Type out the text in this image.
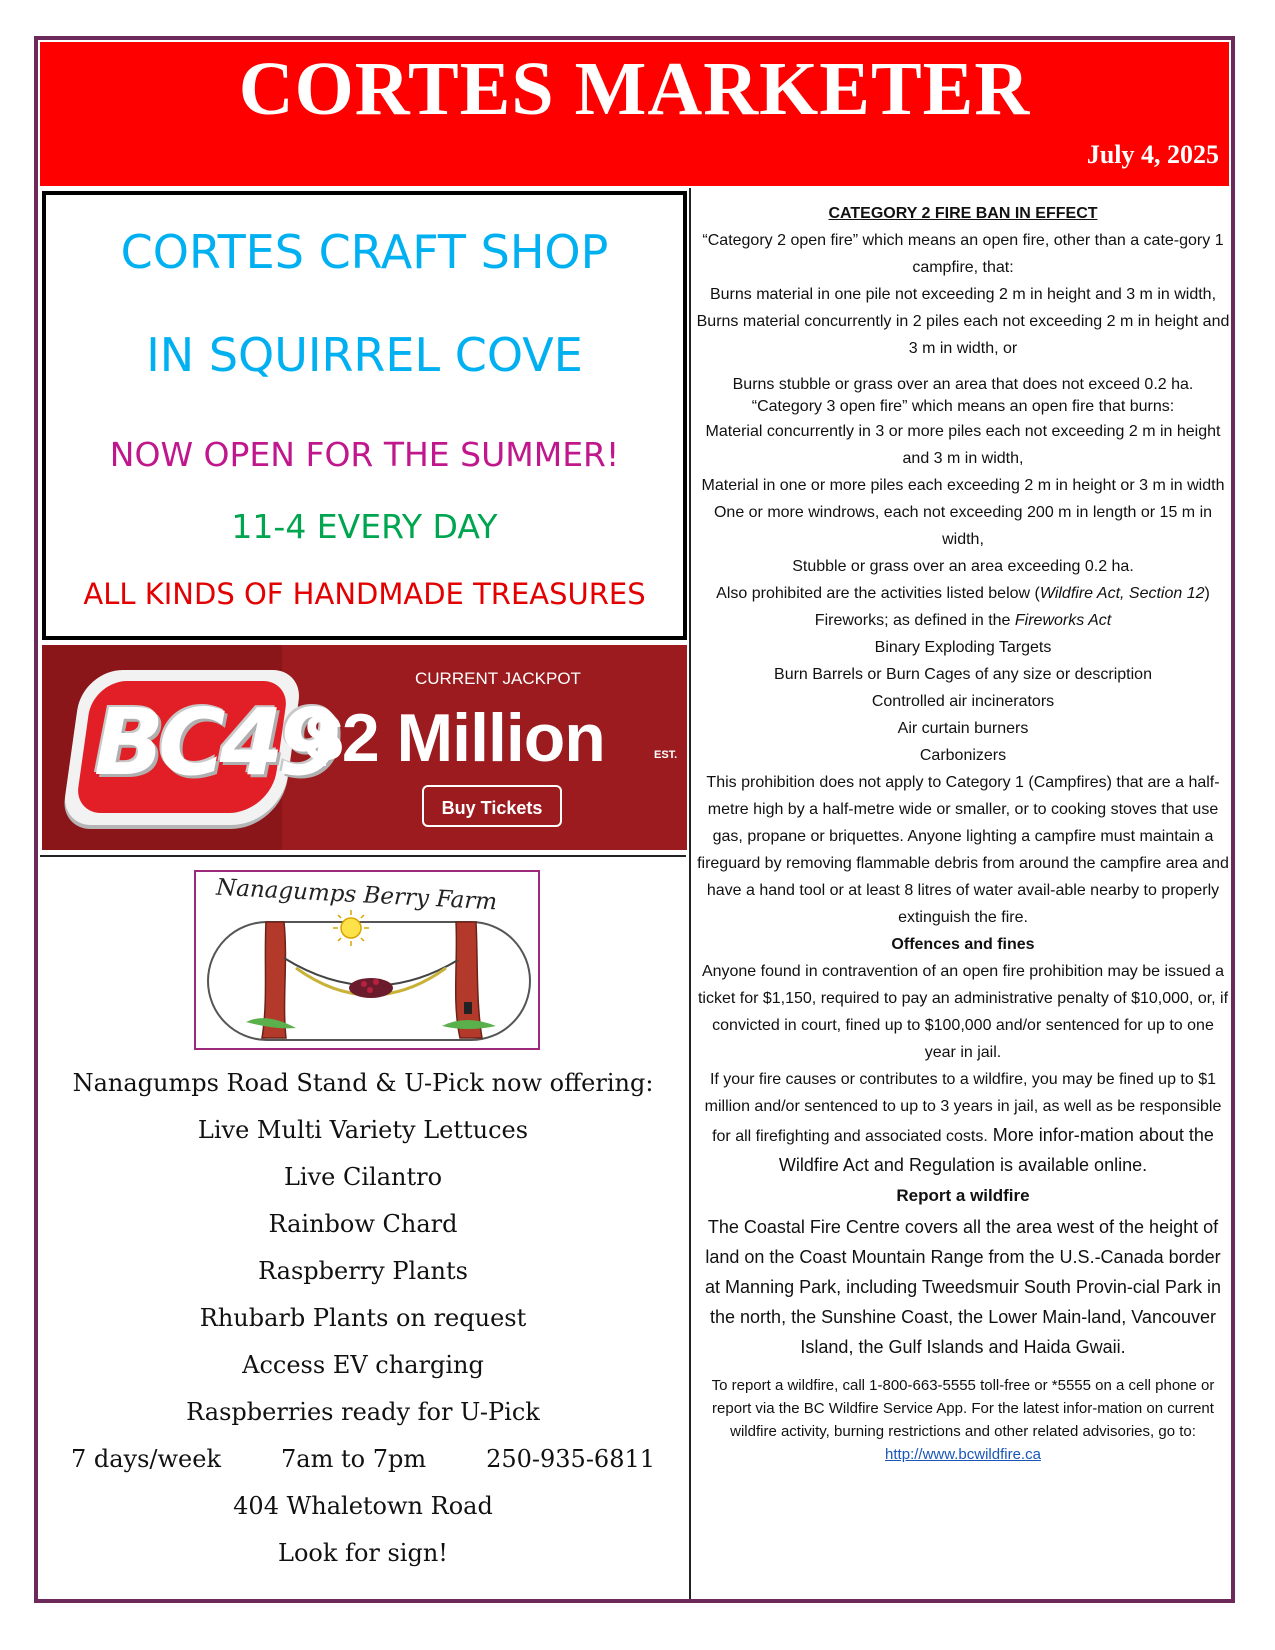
CORTES MARKETER
July 4, 2025
CORTES CRAFT SHOP
IN SQUIRREL COVE
NOW OPEN FOR THE SUMMER!
11-4 EVERY DAY
ALL KINDS OF HANDMADE TREASURES
BC49
CURRENT JACKPOT
$2 Million	EST.
Buy Tickets
Nanagumps Berry Farm
Nanagumps Road Stand & U-Pick now offering:
Live Multi Variety Lettuces
Live Cilantro
Rainbow Chard
Raspberry Plants
Rhubarb Plants on request
Access EV charging
Raspberries ready for U-Pick
7 days/week	7am to 7pm	250-935-6811
404 Whaletown Road
Look for sign!

CATEGORY 2 FIRE BAN IN EFFECT

“Category 2 open fire” which means an open fire, other than a cate-gory 1 campfire, that:

Burns material in one pile not exceeding 2 m in height and 3 m in width, Burns material concurrently in 2 piles each not exceeding 2 m in height and 3 m in width, or

Burns stubble or grass over an area that does not exceed 0.2 ha.

“Category 3 open fire” which means an open fire that burns:

Material concurrently in 3 or more piles each not exceeding 2 m in height and 3 m in width,

Material in one or more piles each exceeding 2 m in height or 3 m in width

One or more windrows, each not exceeding 200 m in length or 15 m in width,

Stubble or grass over an area exceeding 0.2 ha.

Also prohibited are the activities listed below (Wildfire Act, Section 12)

Fireworks; as defined in the Fireworks Act

Binary Exploding Targets

Burn Barrels or Burn Cages of any size or description

Controlled air incinerators

Air curtain burners

Carbonizers

This prohibition does not apply to Category 1 (Campfires) that are a half-metre high by a half-metre wide or smaller, or to cooking stoves that use gas, propane or briquettes. Anyone lighting a campfire must maintain a fireguard by removing flammable debris from around the campfire area and have a hand tool or at least 8 litres of water avail-able nearby to properly extinguish the fire.

Offences and fines

Anyone found in contravention of an open fire prohibition may be issued a ticket for $1,150, required to pay an administrative penalty of $10,000, or, if convicted in court, fined up to $100,000 and/or sentenced for up to one year in jail.

If your fire causes or contributes to a wildfire, you may be fined up to $1 million and/or sentenced to up to 3 years in jail, as well as be responsible for all firefighting and associated costs. More infor-mation about the Wildfire Act and Regulation is available online.

Report a wildfire

The Coastal Fire Centre covers all the area west of the height of land on the Coast Mountain Range from the U.S.-Canada border at Manning Park, including Tweedsmuir South Provin-cial Park in the north, the Sunshine Coast, the Lower Main-land, Vancouver Island, the Gulf Islands and Haida Gwaii.

To report a wildfire, call 1-800-663-5555 toll-free or *5555 on a cell phone or report via the BC Wildfire Service App. For the latest infor-mation on current wildfire activity, burning restrictions and other related advisories, go to: http://www.bcwildfire.ca
